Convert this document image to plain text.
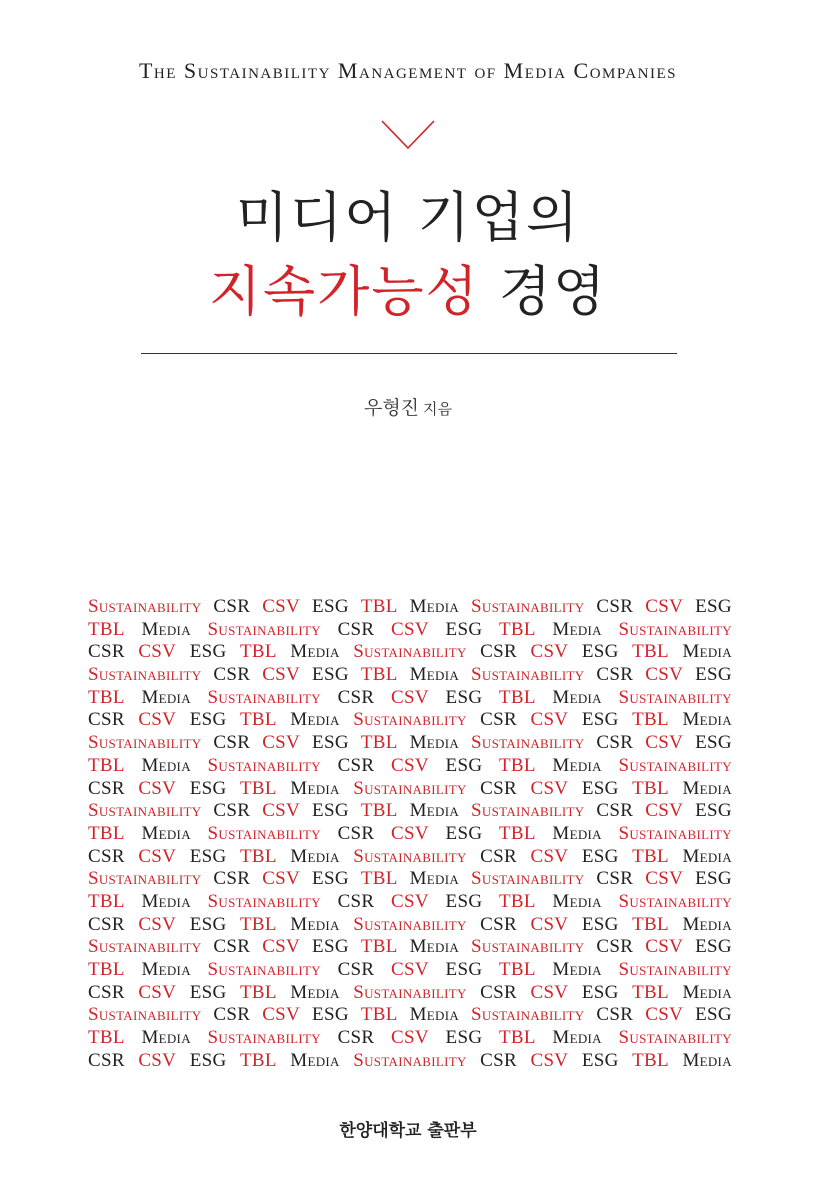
The Sustainability Management of Media Companies
미디어 기업의
지속가능성 경영
우형진 지음
Sustainability CSR CSV ESG TBL Media Sustainability CSR CSV ESG
TBL Media Sustainability CSR CSV ESG TBL Media Sustainability
CSR CSV ESG TBL Media Sustainability CSR CSV ESG TBL Media
Sustainability CSR CSV ESG TBL Media Sustainability CSR CSV ESG
TBL Media Sustainability CSR CSV ESG TBL Media Sustainability
CSR CSV ESG TBL Media Sustainability CSR CSV ESG TBL Media
Sustainability CSR CSV ESG TBL Media Sustainability CSR CSV ESG
TBL Media Sustainability CSR CSV ESG TBL Media Sustainability
CSR CSV ESG TBL Media Sustainability CSR CSV ESG TBL Media
Sustainability CSR CSV ESG TBL Media Sustainability CSR CSV ESG
TBL Media Sustainability CSR CSV ESG TBL Media Sustainability
CSR CSV ESG TBL Media Sustainability CSR CSV ESG TBL Media
Sustainability CSR CSV ESG TBL Media Sustainability CSR CSV ESG
TBL Media Sustainability CSR CSV ESG TBL Media Sustainability
CSR CSV ESG TBL Media Sustainability CSR CSV ESG TBL Media
Sustainability CSR CSV ESG TBL Media Sustainability CSR CSV ESG
TBL Media Sustainability CSR CSV ESG TBL Media Sustainability
CSR CSV ESG TBL Media Sustainability CSR CSV ESG TBL Media
Sustainability CSR CSV ESG TBL Media Sustainability CSR CSV ESG
TBL Media Sustainability CSR CSV ESG TBL Media Sustainability
CSR CSV ESG TBL Media Sustainability CSR CSV ESG TBL Media
한양대학교 출판부
